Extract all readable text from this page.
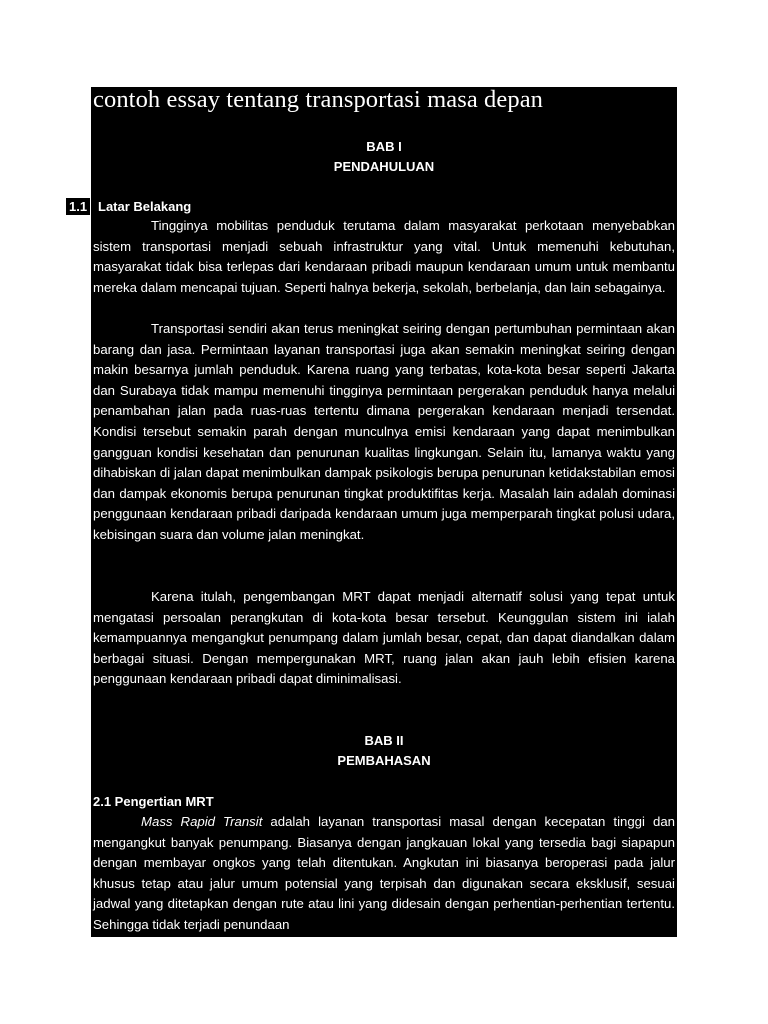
contoh essay tentang transportasi masa depan
BAB I
PENDAHULUAN
1.1 Latar Belakang
Tingginya mobilitas penduduk terutama dalam masyarakat perkotaan menyebabkan sistem transportasi menjadi sebuah infrastruktur yang vital. Untuk memenuhi kebutuhan, masyarakat tidak bisa terlepas dari kendaraan pribadi maupun kendaraan umum untuk membantu mereka dalam mencapai tujuan. Seperti halnya bekerja, sekolah, berbelanja, dan lain sebagainya.
Transportasi sendiri akan terus meningkat seiring dengan pertumbuhan permintaan akan barang dan jasa. Permintaan layanan transportasi juga akan semakin meningkat seiring dengan makin besarnya jumlah penduduk. Karena ruang yang terbatas, kota-kota besar seperti Jakarta dan Surabaya tidak mampu memenuhi tingginya permintaan pergerakan penduduk hanya melalui penambahan jalan pada ruas-ruas tertentu dimana pergerakan kendaraan menjadi tersendat. Kondisi tersebut semakin parah dengan munculnya emisi kendaraan yang dapat menimbulkan gangguan kondisi kesehatan dan penurunan kualitas lingkungan. Selain itu, lamanya waktu yang dihabiskan di jalan dapat menimbulkan dampak psikologis berupa penurunan ketidakstabilan emosi dan dampak ekonomis berupa penurunan tingkat produktifitas kerja. Masalah lain adalah dominasi penggunaan kendaraan pribadi daripada kendaraan umum juga memperparah tingkat polusi udara, kebisingan suara dan volume jalan meningkat.
Karena itulah, pengembangan MRT dapat menjadi alternatif solusi yang tepat untuk mengatasi persoalan perangkutan di kota-kota besar tersebut. Keunggulan sistem ini ialah kemampuannya mengangkut penumpang dalam jumlah besar, cepat, dan dapat diandalkan dalam berbagai situasi. Dengan mempergunakan MRT, ruang jalan akan jauh lebih efisien karena penggunaan kendaraan pribadi dapat diminimalisasi.
BAB II
PEMBAHASAN
2.1 Pengertian MRT
Mass Rapid Transit adalah layanan transportasi masal dengan kecepatan tinggi dan mengangkut banyak penumpang. Biasanya dengan jangkauan lokal yang tersedia bagi siapapun dengan membayar ongkos yang telah ditentukan. Angkutan ini biasanya beroperasi pada jalur khusus tetap atau jalur umum potensial yang terpisah dan digunakan secara eksklusif, sesuai jadwal yang ditetapkan dengan rute atau lini yang didesain dengan perhentian-perhentian tertentu. Sehingga tidak terjadi penundaan
